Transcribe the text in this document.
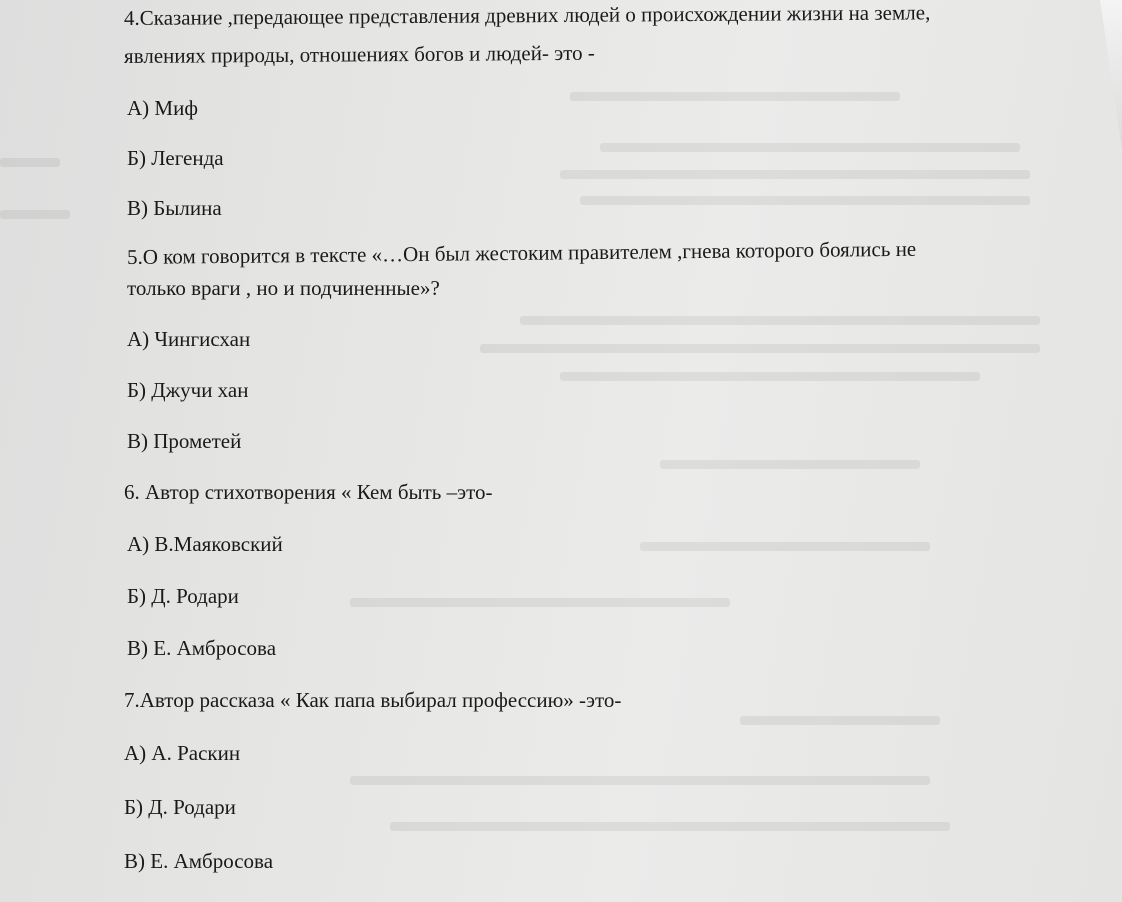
4.Сказание ,передающее представления древних людей о происхождении жизни на земле,
явлениях природы, отношениях богов и людей- это -
А) Миф
Б) Легенда
В) Былина
5.О ком говорится в тексте «…Он был жестоким правителем ,гнева которого боялись не
только враги , но и подчиненные»?
А) Чингисхан
Б) Джучи хан
В) Прометей
6. Автор стихотворения « Кем быть –это-
А) В.Маяковский
Б) Д. Родари
В) Е. Амбросова
7.Автор рассказа « Как папа выбирал профессию» -это-
А) А. Раскин
Б) Д. Родари
В) Е. Амбросова
